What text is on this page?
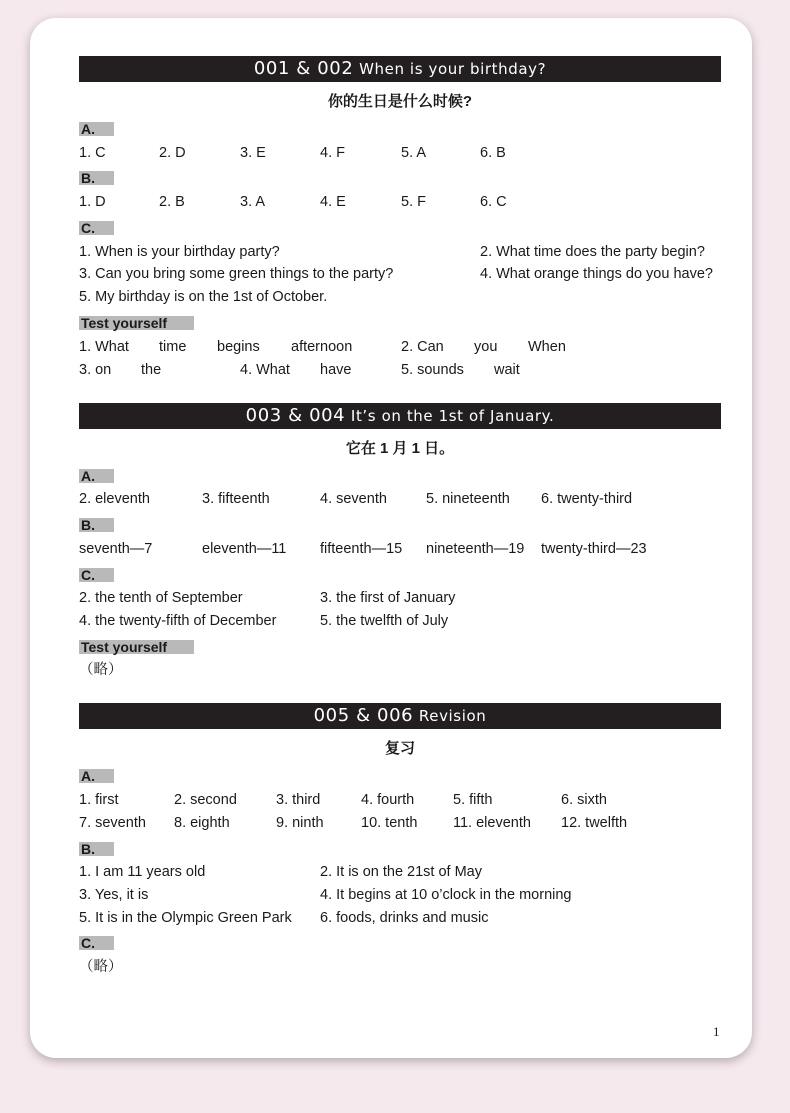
001 & 002 When is your birthday?
你的生日是什么时候?
A.
1. C	2. D	3. E	4. F	5. A	6. B
B.
1. D	2. B	3. A	4. E	5. F	6. C
C.
1. When is your birthday party?	2. What time does the party begin?
3. Can you bring some green things to the party?	4. What orange things do you have?
5. My birthday is on the 1st of October.
Test yourself
1. What time begins afternoon	2. Can you When
3. on the	4. What have	5. sounds wait
003 & 004 It’s on the 1st of January.
它在 1 月 1 日。
A.
2. eleventh	3. fifteenth	4. seventh	5. nineteenth 6. twenty-third
B.
seventh—7	eleventh—11 fifteenth—15 nineteenth—19 twenty-third—23
C.
2. the tenth of September	3. the first of January
4. the twenty-fifth of December	5. the twelfth of July
Test yourself
（略）
005 & 006 Revision
复习
A.
1. first	2. second	3. third	4. fourth	5. fifth	6. sixth
7. seventh 8. eighth	9. ninth	10. tenth 11. eleventh 12. twelfth
B.
1. I am 11 years old	2. It is on the 21st of May
3. Yes, it is	4. It begins at 10 o’clock in the morning
5. It is in the Olympic Green Park 6. foods, drinks and music
C.
（略）
1
